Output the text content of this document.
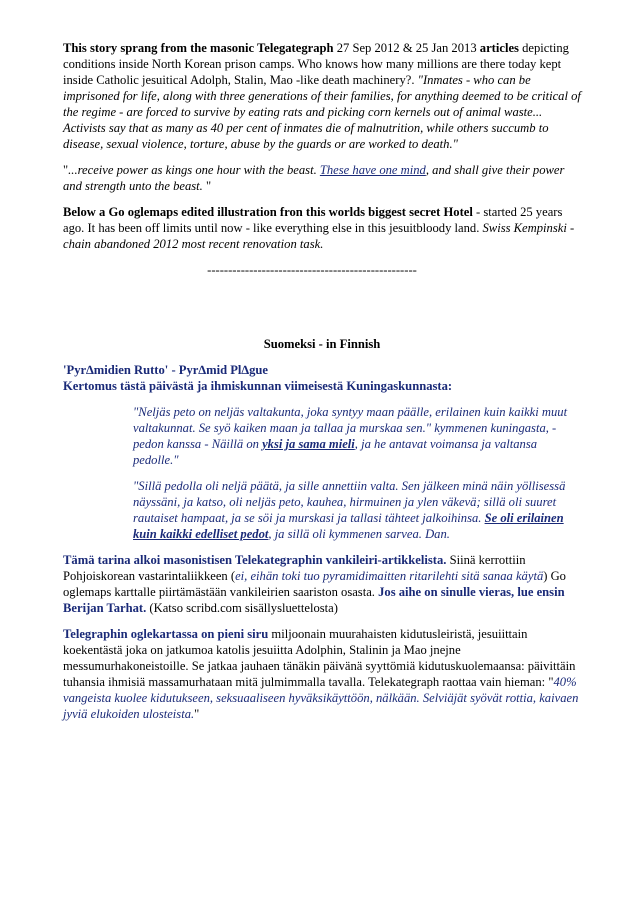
This story sprang from the masonic Telegategraph 27 Sep 2012 & 25 Jan 2013 articles depicting conditions inside North Korean prison camps. Who knows how many millions are there today kept inside Catholic jesuitical Adolph, Stalin, Mao -like death machinery?. "Inmates - who can be imprisoned for life, along with three generations of their families, for anything deemed to be critical of the regime - are forced to survive by eating rats and picking corn kernels out of animal waste... Activists say that as many as 40 per cent of inmates die of malnutrition, while others succumb to disease, sexual violence, torture, abuse by the guards or are worked to death."

"...receive power as kings one hour with the beast. These have one mind, and shall give their power and strength unto the beast. "

Below a Go oglemaps edited illustration fron this worlds biggest secret Hotel - started 25 years ago. It has been off limits until now - like everything else in this jesuitbloody land. Swiss Kempinski -chain abandoned 2012 most recent renovation task.

--------------------------------------------------

Suomeksi - in Finnish

'Pyr∆midien Rutto' - Pyr∆mid Pl∆gue

Kertomus tästä päivästä ja ihmiskunnan viimeisestä Kuningaskunnasta:

"Neljäs peto on neljäs valtakunta, joka syntyy maan päälle, erilainen kuin kaikki muut valtakunnat. Se syö kaiken maan ja tallaa ja murskaa sen." kymmenen kuningasta, - pedon kanssa - Näillä on yksi ja sama mieli, ja he antavat voimansa ja valtansa pedolle."

"Sillä pedolla oli neljä päätä, ja sille annettiin valta. Sen jälkeen minä näin yöllisessä näyssäni, ja katso, oli neljäs peto, kauhea, hirmuinen ja ylen väkevä; sillä oli suuret rautaiset hampaat, ja se söi ja murskasi ja tallasi tähteet jalkoihinsa. Se oli erilainen kuin kaikki edelliset pedot, ja sillä oli kymmenen sarvea. Dan.

Tämä tarina alkoi masonistisen Telekategraphin vankileiri-artikkelista. Siinä kerrottiin Pohjoiskorean vastarintaliikkeen (ei, eihän toki tuo pyramidimaitten ritarilehti sitä sanaa käytä) Go oglemaps karttalle piirtämästään vankileirien saariston osasta. Jos aihe on sinulle vieras, lue ensin Berijan Tarhat. (Katso scribd.com sisällysluettelosta)

Telegraphin oglekartassa on pieni siru miljoonain muurahaisten kidutusleiristä, jesuiittain koekentästä joka on jatkumoa katolis jesuiitta Adolphin, Stalinin ja Mao jnejne messumurhakoneistoille. Se jatkaa jauhaen tänäkin päivänä syyttömiä kidutuskuolemaansa: päivittäin tuhansia ihmisiä massamurhataan mitä julmimmalla tavalla. Telekategraph raottaa vain hieman: "40% vangeista kuolee kidutukseen, seksuaaliseen hyväksikäyttöön, nälkään. Selviäjät syövät rottia, kaivaen jyviä elukoiden ulosteista."
